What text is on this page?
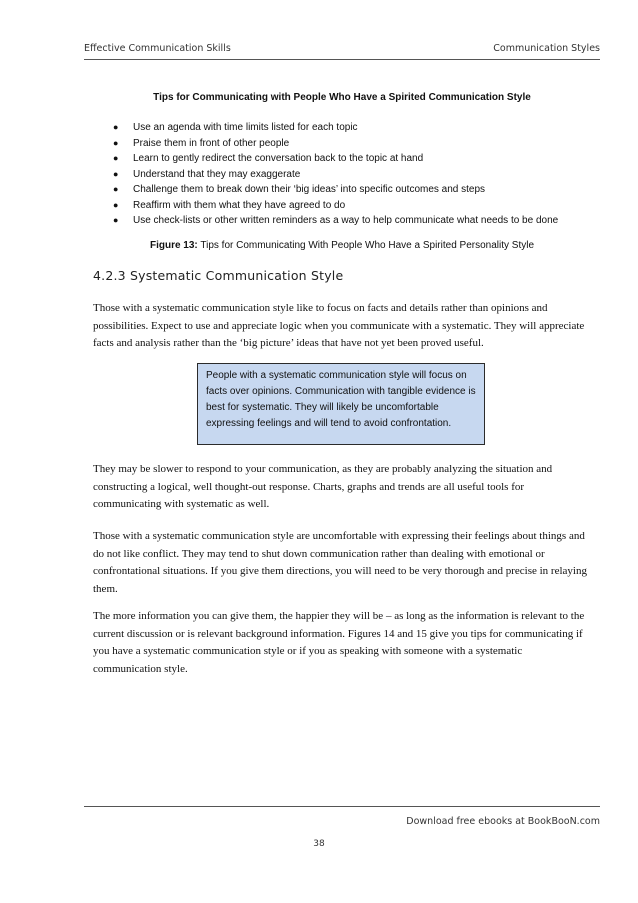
Effective Communication Skills	Communication Styles
Tips for Communicating with People Who Have a Spirited Communication Style
● Use an agenda with time limits listed for each topic
● Praise them in front of other people
● Learn to gently redirect the conversation back to the topic at hand
● Understand that they may exaggerate
● Challenge them to break down their ‘big ideas’ into specific outcomes and steps
● Reaffirm with them what they have agreed to do
● Use check-lists or other written reminders as a way to help communicate what needs to be done
Figure 13: Tips for Communicating With People Who Have a Spirited Personality Style
4.2.3 Systematic Communication Style

Those with a systematic communication style like to focus on facts and details rather than opinions and possibilities. Expect to use and appreciate logic when you communicate with a systematic. They will appreciate facts and analysis rather than the ‘big picture’ ideas that have not yet been proved useful.

People with a systematic communication style will focus on facts over opinions. Communication with tangible evidence is best for systematic. They will likely be uncomfortable expressing feelings and will tend to avoid confrontation.

They may be slower to respond to your communication, as they are probably analyzing the situation and constructing a logical, well thought-out response. Charts, graphs and trends are all useful tools for communicating with systematic as well.

Those with a systematic communication style are uncomfortable with expressing their feelings about things and do not like conflict. They may tend to shut down communication rather than dealing with emotional or confrontational situations. If you give them directions, you will need to be very thorough and precise in relaying them.

The more information you can give them, the happier they will be – as long as the information is relevant to the current discussion or is relevant background information. Figures 14 and 15 give you tips for communicating if you have a systematic communication style or if you as speaking with someone with a systematic communication style.

Download free ebooks at BookBooN.com
38
